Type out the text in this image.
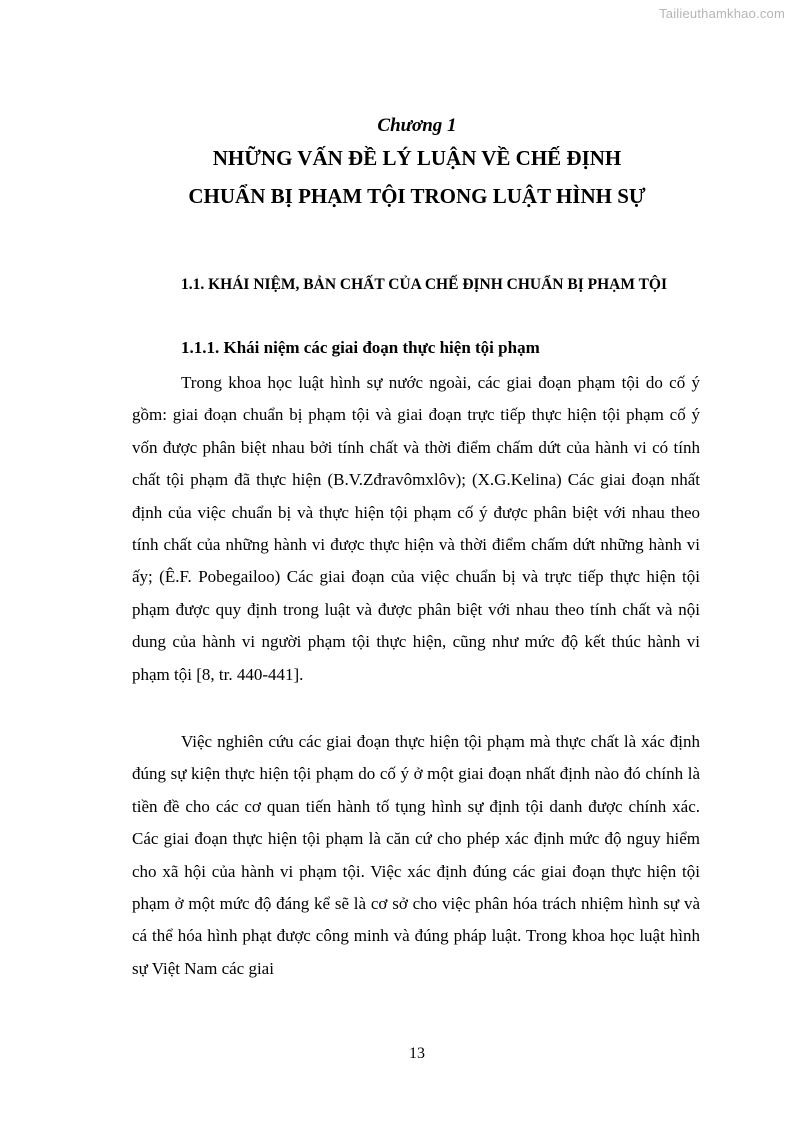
Tailieuthamkhao.com
Chương 1
NHỮNG VẤN ĐỀ LÝ LUẬN VỀ CHẾ ĐỊNH
CHUẨN BỊ PHẠM TỘI TRONG LUẬT HÌNH SỰ
1.1. KHÁI NIỆM, BẢN CHẤT CỦA CHẾ ĐỊNH CHUẨN BỊ PHẠM TỘI
1.1.1. Khái niệm các giai đoạn thực hiện tội phạm

Trong khoa học luật hình sự nước ngoài, các giai đoạn phạm tội do cố ý gồm: giai đoạn chuẩn bị phạm tội và giai đoạn trực tiếp thực hiện tội phạm cố ý vốn được phân biệt nhau bởi tính chất và thời điểm chấm dứt của hành vi có tính chất tội phạm đã thực hiện (B.V.Zđravômxlôv); (X.G.Kelina) Các giai đoạn nhất định của việc chuẩn bị và thực hiện tội phạm cố ý được phân biệt với nhau theo tính chất của những hành vi được thực hiện và thời điểm chấm dứt những hành vi ấy; (Ê.F. Pobegailoo) Các giai đoạn của việc chuẩn bị và trực tiếp thực hiện tội phạm được quy định trong luật và được phân biệt với nhau theo tính chất và nội dung của hành vi người phạm tội thực hiện, cũng như mức độ kết thúc hành vi phạm tội [8, tr. 440-441].

Việc nghiên cứu các giai đoạn thực hiện tội phạm mà thực chất là xác định đúng sự kiện thực hiện tội phạm do cố ý ở một giai đoạn nhất định nào đó chính là tiền đề cho các cơ quan tiến hành tố tụng hình sự định tội danh được chính xác. Các giai đoạn thực hiện tội phạm là căn cứ cho phép xác định mức độ nguy hiểm cho xã hội của hành vi phạm tội. Việc xác định đúng các giai đoạn thực hiện tội phạm ở một mức độ đáng kể sẽ là cơ sở cho việc phân hóa trách nhiệm hình sự và cá thể hóa hình phạt được công minh và đúng pháp luật. Trong khoa học luật hình sự Việt Nam các giai

13
